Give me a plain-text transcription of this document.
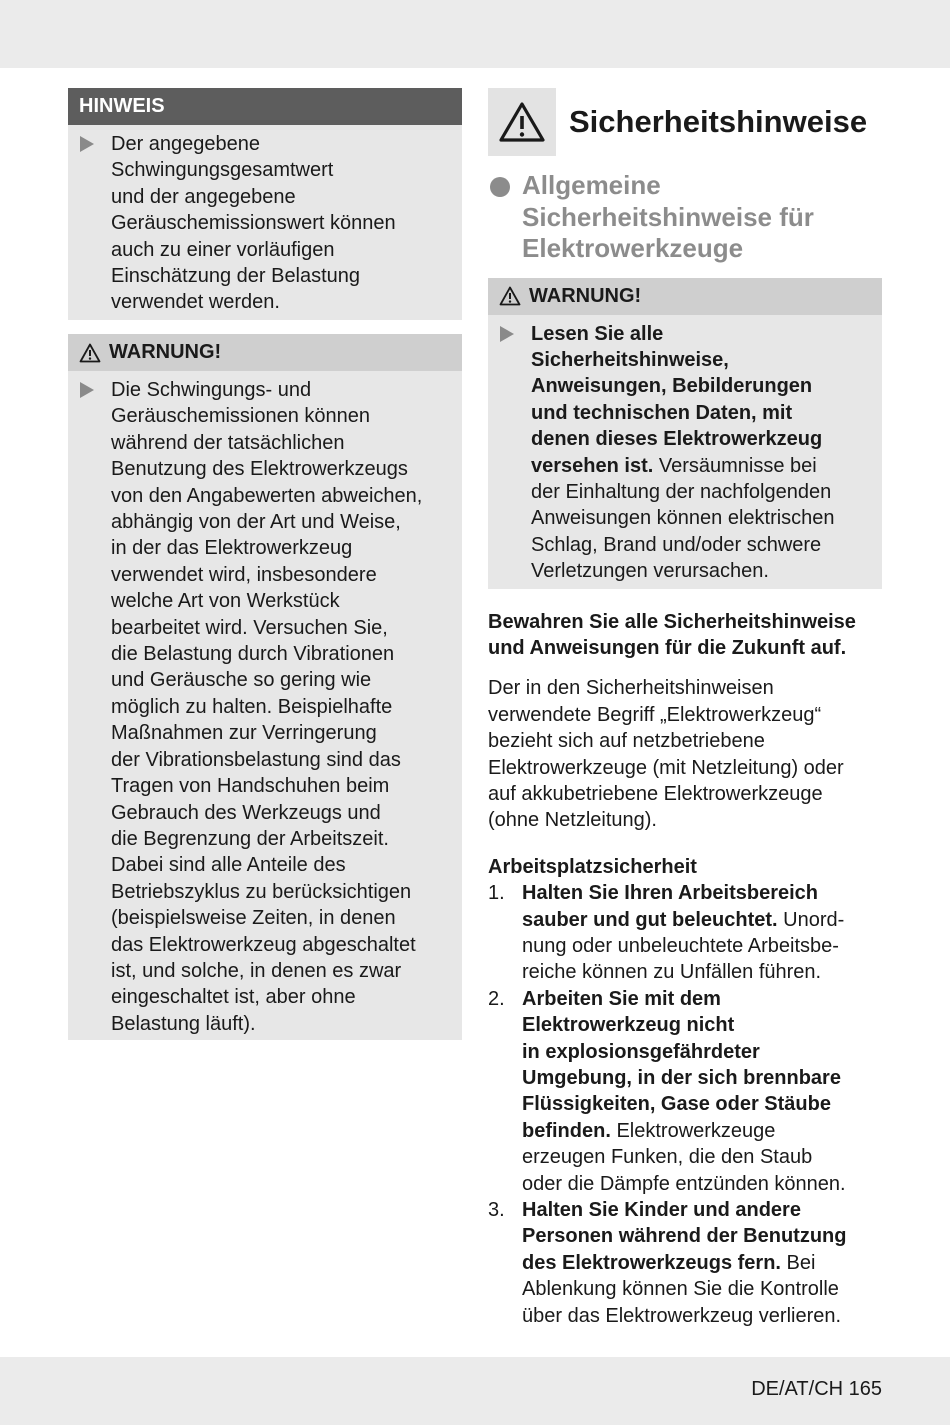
HINWEIS
Der angegebene
Schwingungsgesamtwert
und der angegebene
Geräuschemissionswert können
auch zu einer vorläufigen
Einschätzung der Belastung
verwendet werden.
WARNUNG!
Die Schwingungs- und
Geräuschemissionen können
während der tatsächlichen
Benutzung des Elektrowerkzeugs
von den Angabewerten abweichen,
abhängig von der Art und Weise,
in der das Elektrowerkzeug
verwendet wird, insbesondere
welche Art von Werkstück
bearbeitet wird. Versuchen Sie,
die Belastung durch Vibrationen
und Geräusche so gering wie
möglich zu halten. Beispielhafte
Maßnahmen zur Verringerung
der Vibrationsbelastung sind das
Tragen von Handschuhen beim
Gebrauch des Werkzeugs und
die Begrenzung der Arbeitszeit.
Dabei sind alle Anteile des
Betriebszyklus zu berücksichtigen
(beispielsweise Zeiten, in denen
das Elektrowerkzeug abgeschaltet
ist, und solche, in denen es zwar
eingeschaltet ist, aber ohne
Belastung läuft).
Sicherheitshinweise
Allgemeine
Sicherheitshinweise für
Elektrowerkzeuge
WARNUNG!
Lesen Sie alle
Sicherheitshinweise,
Anweisungen, Bebilderungen
und technischen Daten, mit
denen dieses Elektrowerkzeug
versehen ist. Versäumnisse bei
der Einhaltung der nachfolgenden
Anweisungen können elektrischen
Schlag, Brand und/oder schwere
Verletzungen verursachen.
Bewahren Sie alle Sicherheitshinweise
und Anweisungen für die Zukunft auf.
Der in den Sicherheitshinweisen
verwendete Begriff „Elektrowerkzeug“
bezieht sich auf netzbetriebene
Elektrowerkzeuge (mit Netzleitung) oder
auf akkubetriebene Elektrowerkzeuge
(ohne Netzleitung).
Arbeitsplatzsicherheit
1. Halten Sie Ihren Arbeitsbereich
sauber und gut beleuchtet. Unord-
nung oder unbeleuchtete Arbeitsbe-
reiche können zu Unfällen führen.
2. Arbeiten Sie mit dem
Elektrowerkzeug nicht
in explosionsgefährdeter
Umgebung, in der sich brennbare
Flüssigkeiten, Gase oder Stäube
befinden. Elektrowerkzeuge
erzeugen Funken, die den Staub
oder die Dämpfe entzünden können.
3. Halten Sie Kinder und andere
Personen während der Benutzung
des Elektrowerkzeugs fern. Bei
Ablenkung können Sie die Kontrolle
über das Elektrowerkzeug verlieren.
DE/AT/CH 165
